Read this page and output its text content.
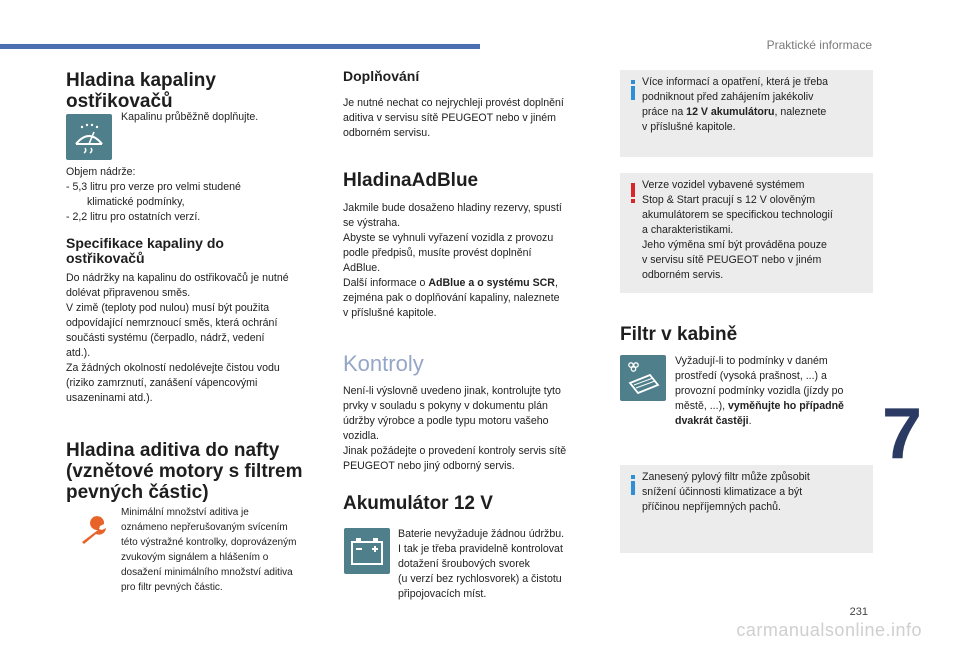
Praktické informace
7
231
carmanualsonline.info
Hladina kapaliny
ostřikovačů

Kapalinu průběžně doplňujte.

Objem nádrže:

- 5,3 litru pro verze pro velmi studené

klimatické podmínky,

- 2,2 litru pro ostatních verzí.

Specifikace kapaliny do
ostřikovačů

Do nádržky na kapalinu do ostřikovačů je nutné

dolévat připravenou směs.

V zimě (teploty pod nulou) musí být použita

odpovídající nemrznoucí směs, která ochrání

součásti systému (čerpadlo, nádrž, vedení

atd.).

Za žádných okolností nedolévejte čistou vodu

(riziko zamrznutí, zanášení vápencovými

usazeninami atd.).

Hladina aditiva do nafty
(vznětové motory s filtrem
pevných částic)

Minimální množství aditiva je

oznámeno nepřerušovaným svícením

této výstražné kontrolky, doprovázeným

zvukovým signálem a hlášením o

dosažení minimálního množství aditiva

pro filtr pevných částic.

Doplňování

Je nutné nechat co nejrychleji provést doplnění

aditiva v servisu sítě PEUGEOT nebo v jiném

odborném servisu.

HladinaAdBlue

Jakmile bude dosaženo hladiny rezervy, spustí

se výstraha.

Abyste se vyhnuli vyřazení vozidla z provozu

podle předpisů, musíte provést doplnění

AdBlue.

Další informace o AdBlue a o systému SCR,

zejména pak o doplňování kapaliny, naleznete

v příslušné kapitole.

Kontroly

Není-li výslovně uvedeno jinak, kontrolujte tyto

prvky v souladu s pokyny v dokumentu plán

údržby výrobce a podle typu motoru vašeho

vozidla.

Jinak požádejte o provedení kontroly servis sítě

PEUGEOT nebo jiný odborný servis.

Akumulátor 12 V

Baterie nevyžaduje žádnou údržbu.

I tak je třeba pravidelně kontrolovat

dotažení šroubových svorek

(u verzí bez rychlosvorek) a čistotu

připojovacích míst.

Více informací a opatření, která je třeba

podniknout před zahájením jakékoliv

práce na 12 V akumulátoru, naleznete

v příslušné kapitole.

Verze vozidel vybavené systémem

Stop & Start pracují s 12 V olověným

akumulátorem se specifickou technologií

a charakteristikami.

Jeho výměna smí být prováděna pouze

v servisu sítě PEUGEOT nebo v jiném

odborném servis.

Filtr v kabině

Vyžadují-li to podmínky v daném

prostředí (vysoká prašnost, ...) a

provozní podmínky vozidla (jízdy po

městě, ...), vyměňujte ho případně

dvakrát častěji.

Zanesený pylový filtr může způsobit

snížení účinnosti klimatizace a být

příčinou nepříjemných pachů.
